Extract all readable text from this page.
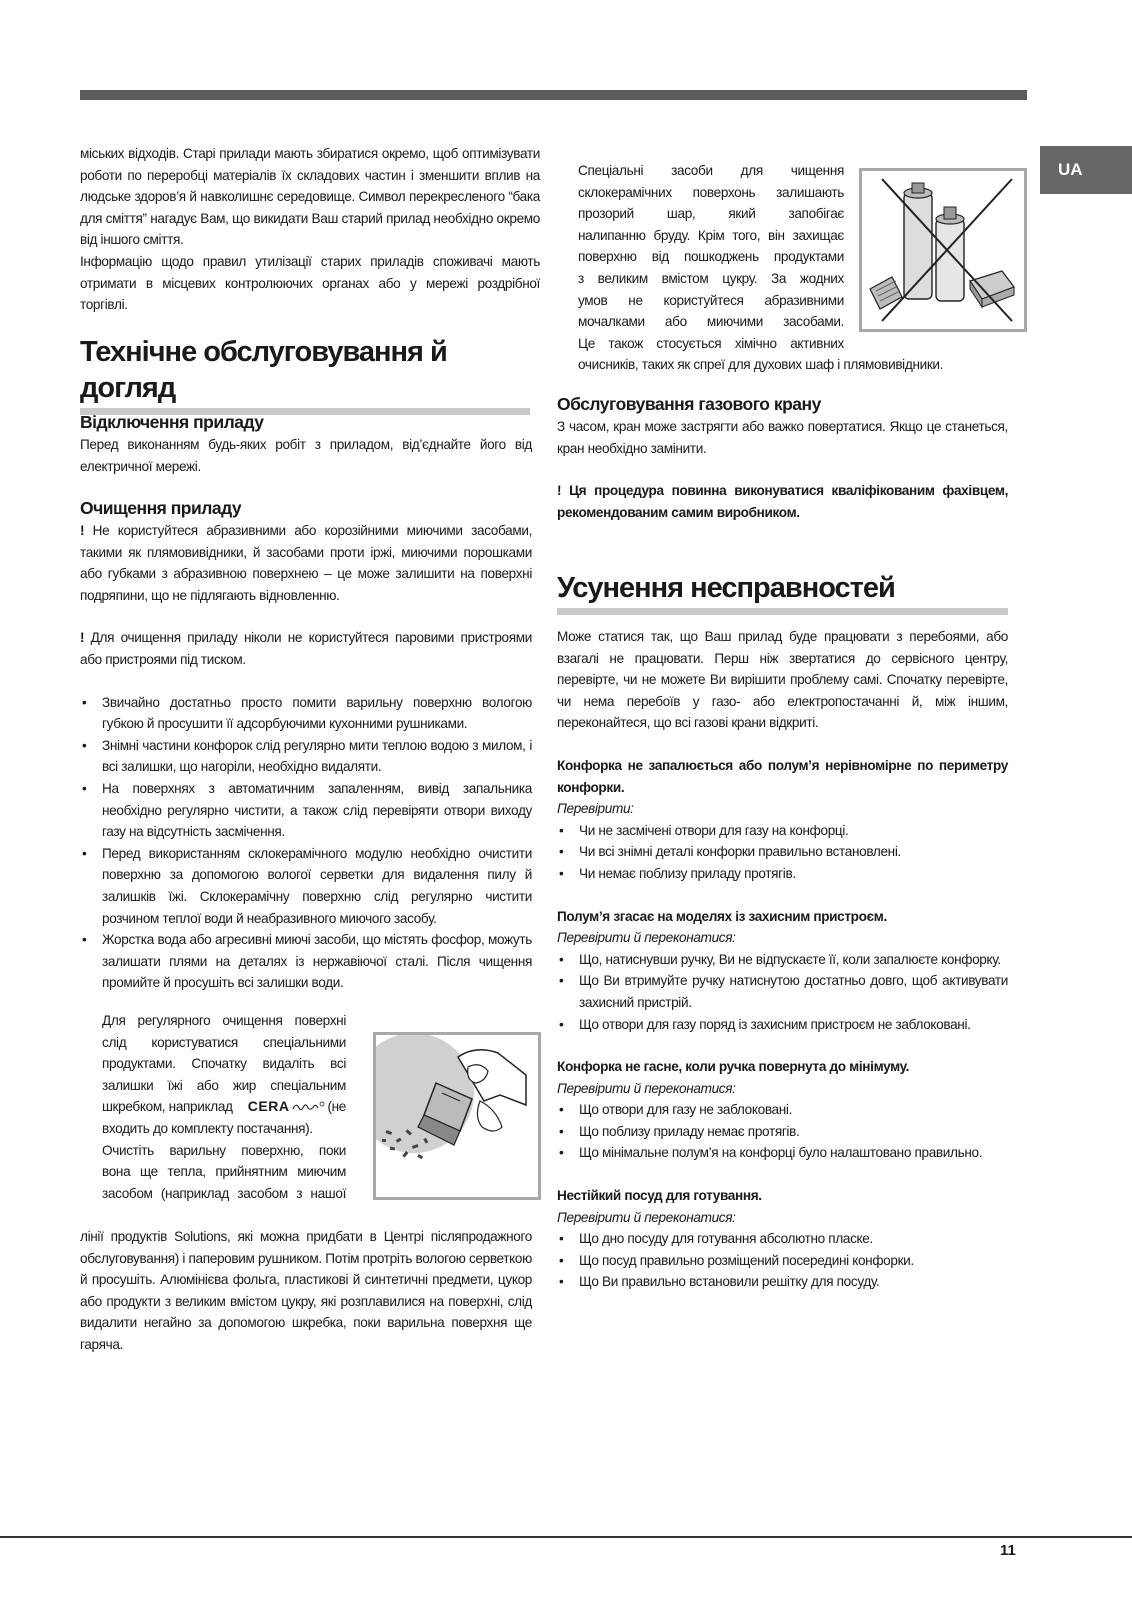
UA

міських відходів. Старі прилади мають збиратися окремо, щоб оптимізувати роботи по переробці матеріалів їх складових частин і зменшити вплив на людське здоров’я й навколишнє середовище. Символ перекресленого “бака для сміття” нагадує Вам, що викидати Ваш старий прилад необхідно окремо від іншого сміття.

Інформацію щодо правил утилізації старих приладів споживачі мають отримати в місцевих контролюючих органах або у мережі роздрібної торгівлі.

Технічне обслуговування й догляд
Відключення приладу

Перед виконанням будь-яких робіт з приладом, від’єднайте його від електричної мережі.

Очищення приладу

! Не користуйтеся абразивними або корозійними миючими засобами, такими як плямовивідники, й засобами проти іржі, миючими порошками або губками з абразивною поверхнею – це може залишити на поверхні подряпини, що не підлягають відновленню.

! Для очищення приладу ніколи не користуйтеся паровими пристроями або пристроями під тиском.

• Звичайно достатньо просто помити варильну поверхню вологою губкою й просушити її адсорбуючими кухонними рушниками.
• Знімні частини конфорок слід регулярно мити теплою водою з милом, і всі залишки, що нагоріли, необхідно видаляти.
• На поверхнях з автоматичним запаленням, вивід запальника необхідно регулярно чистити, а також слід перевіряти отвори виходу газу на відсутність засмічення.
• Перед використанням склокерамічного модулю необхідно очистити поверхню за допомогою вологої серветки для видалення пилу й залишків їжі. Склокерамічну поверхню слід регулярно чистити розчином теплої води й неабразивного миючого засобу.
• Жорстка вода або агресивні миючі засоби, що містять фосфор, можуть залишати плями на деталях із нержавіючої сталі. Після чищення промийте й просушіть всі залишки води.

Для регулярного очищення поверхні

слід користуватися спеціальними

продуктами. Спочатку видаліть всі

залишки їжі або жир спеціальним

шкребком, наприклад CERA	(не

входить до комплекту постачання).

Очистіть варильну поверхню, поки

вона ще тепла, прийнятним миючим

засобом (наприклад засобом з нашої

лінії продуктів Solutions, які можна придбати в Центрі післяпродажного обслуговування) і паперовим рушником. Потім протріть вологою серветкою й просушіть. Алюмінієва фольга, пластикові й синтетичні предмети, цукор або продукти з великим вмістом цукру, які розплавилися на поверхні, слід видалити негайно за допомогою шкребка, поки варильна поверхня ще гаряча.

Спеціальні засоби для чищення

склокерамічних поверхонь залишають

прозорий шар, який запобігає

налипанню бруду. Крім того, він захищає

поверхню від пошкоджень продуктами

з великим вмістом цукру. За жодних

умов не користуйтеся абразивними

мочалками або миючими засобами.

Це також стосується хімічно активних

очисників, таких як спреї для духових шаф і плямовивідники.

Обслуговування газового крану

З часом, кран може застрягти або важко повертатися. Якщо це станеться, кран необхідно замінити.

! Ця процедура повинна виконуватися кваліфікованим фахівцем, рекомендованим самим виробником.

Усунення несправностей

Може статися так, що Ваш прилад буде працювати з перебоями, або взагалі не працювати. Перш ніж звертатися до сервісного центру, перевірте, чи не можете Ви вирішити проблему самі. Спочатку перевірте, чи нема перебоїв у газо- або електропостачанні й, між іншим, переконайтеся, що всі газові крани відкриті.

Конфорка не запалюється або полум’я нерівномірне по периметру конфорки.

Перевірити:

• Чи не засмічені отвори для газу на конфорці.
• Чи всі знімні деталі конфорки правильно встановлені.
• Чи немає поблизу приладу протягів.

Полум’я згасає на моделях із захисним пристроєм.

Перевірити й переконатися:

• Що, натиснувши ручку, Ви не відпускаєте її, коли запалюєте конфорку.
• Що Ви втримуйте ручку натиснутою достатньо довго, щоб активувати захисний пристрій.
• Що отвори для газу поряд із захисним пристроєм не заблоковані.

Конфорка не гасне, коли ручка повернута до мінімуму.

Перевірити й переконатися:

• Що отвори для газу не заблоковані.
• Що поблизу приладу немає протягів.
• Що мінімальне полум’я на конфорці було налаштовано правильно.

Нестійкий посуд для готування.

Перевірити й переконатися:

• Що дно посуду для готування абсолютно пласке.
• Що посуд правильно розміщений посередині конфорки.
• Що Ви правильно встановили решітку для посуду.
11
